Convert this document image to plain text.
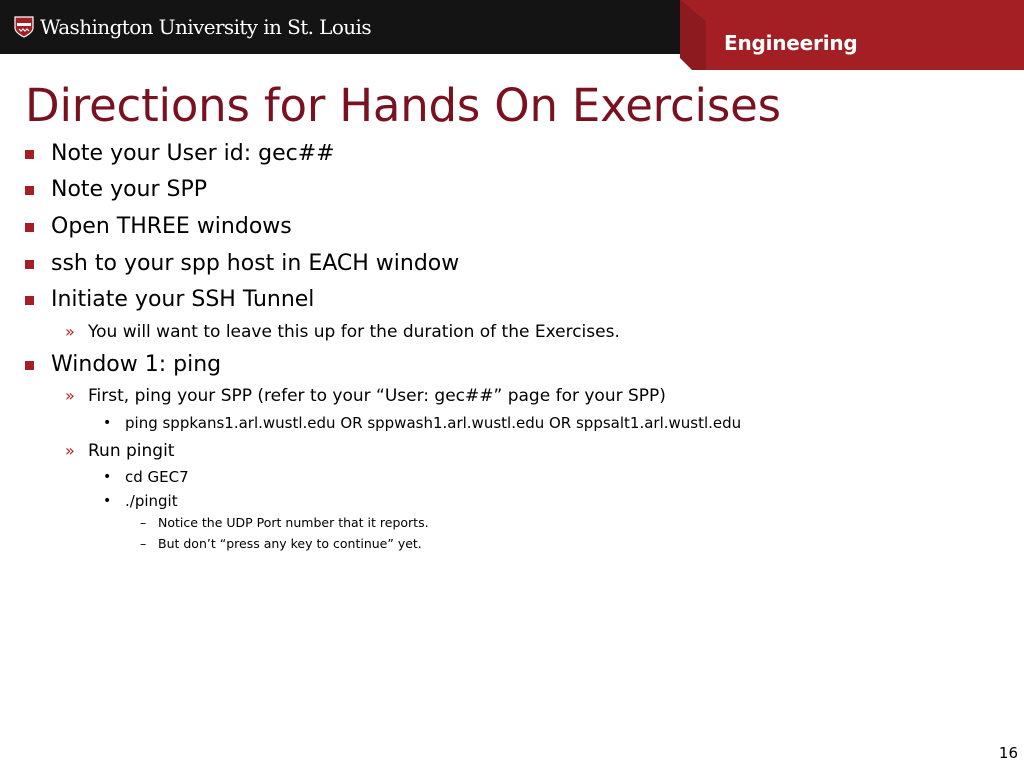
Washington University in St. Louis
Engineering
Directions for Hands On Exercises
Note your User id: gec##
Note your SPP
Open THREE windows
ssh to your spp host in EACH window
Initiate your SSH Tunnel
» You will want to leave this up for the duration of the Exercises.
Window 1: ping
» First, ping your SPP (refer to your “User: gec##” page for your SPP)
• ping sppkans1.arl.wustl.edu OR sppwash1.arl.wustl.edu OR sppsalt1.arl.wustl.edu
» Run pingit
• cd GEC7
• ./pingit
– Notice the UDP Port number that it reports.
– But don’t “press any key to continue” yet.
16
